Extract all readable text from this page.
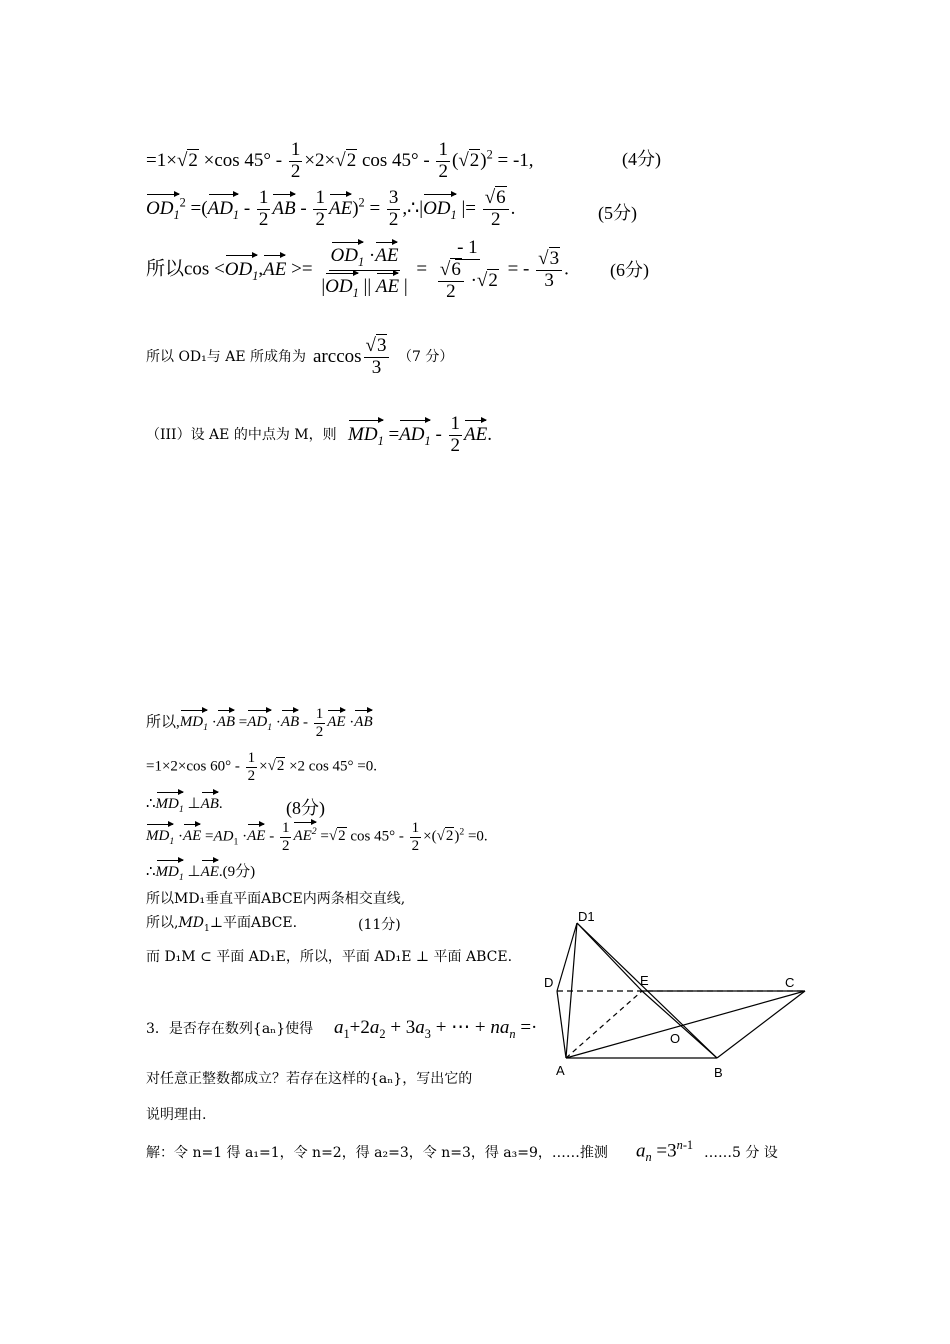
=1×√2 ×cos $45^\circ - \frac{1}{2} \times 2\times√2$ $\cos 45^\circ - \frac{1}{2} (√2)^2 = -1$,	(4分)
$OD_1^2 =(AD_1 - \frac{1}{2}$ AB - $\frac{1}{2} AE)^2 = \frac{3}{2}$ $,\therefore|OD_1$ |= $\frac{√6}{2}$ .	(5分)
所以$\cos <OD_1,AE >= \frac{OD_1 \cdot AE}{|OD_1 || AE |} = \frac{- 1}{\frac{√6}{2} \cdot√2}$ = - $\frac{√3}{3}$ . (6分)
所以 OD₁与 AE 所成角为 $\arccos \frac{√3}{3} (7$ 分）
（III）设 AE 的中点为 M，则 $MD_1 =AD_1 - \frac{1}{2}$ AE.
所以$,MD_1 \cdot AB =AD_1 \cdot AB - \frac{1}{2}$ AE ·AB
=1×2×cos $60^\circ - \frac{1}{2} \times√2 \times 2$ cos 45° =0.
$\therefore MD_1$ ⊥AB.	(8分)
$MD_1 \cdot AE =AD_1 \cdot AE - \frac{1}{2} AE^2 =√2$ $\cos 45^\circ - \frac{1}{2} \times(√2)^2 =0$.
$\therefore MD_1$ ⊥AE.(9分)
所以MD₁垂直平面ABCE内两条相交直线,
所以$,MD_1\perp$平面ABCE.	(11分)
而 D₁M ⊂ 平面 AD₁E，所以，平面 AD₁E ⊥ 平面 ABCE.
3．是否存在数列{aₙ}使得 $a_1+2a_2 + 3a_3$ + ⋯ + $na_n$ =·
对任意正整数都成立？若存在这样的{aₙ}，写出它的
说明理由.
解：令 n=1 得 a₁=1，令 n=2，得 a₂=3，令 n=3，得 a₃=9，……推测 $a_n =3^{n-1}$ ……5 分 设
D1
D	E	C
O
A	B
